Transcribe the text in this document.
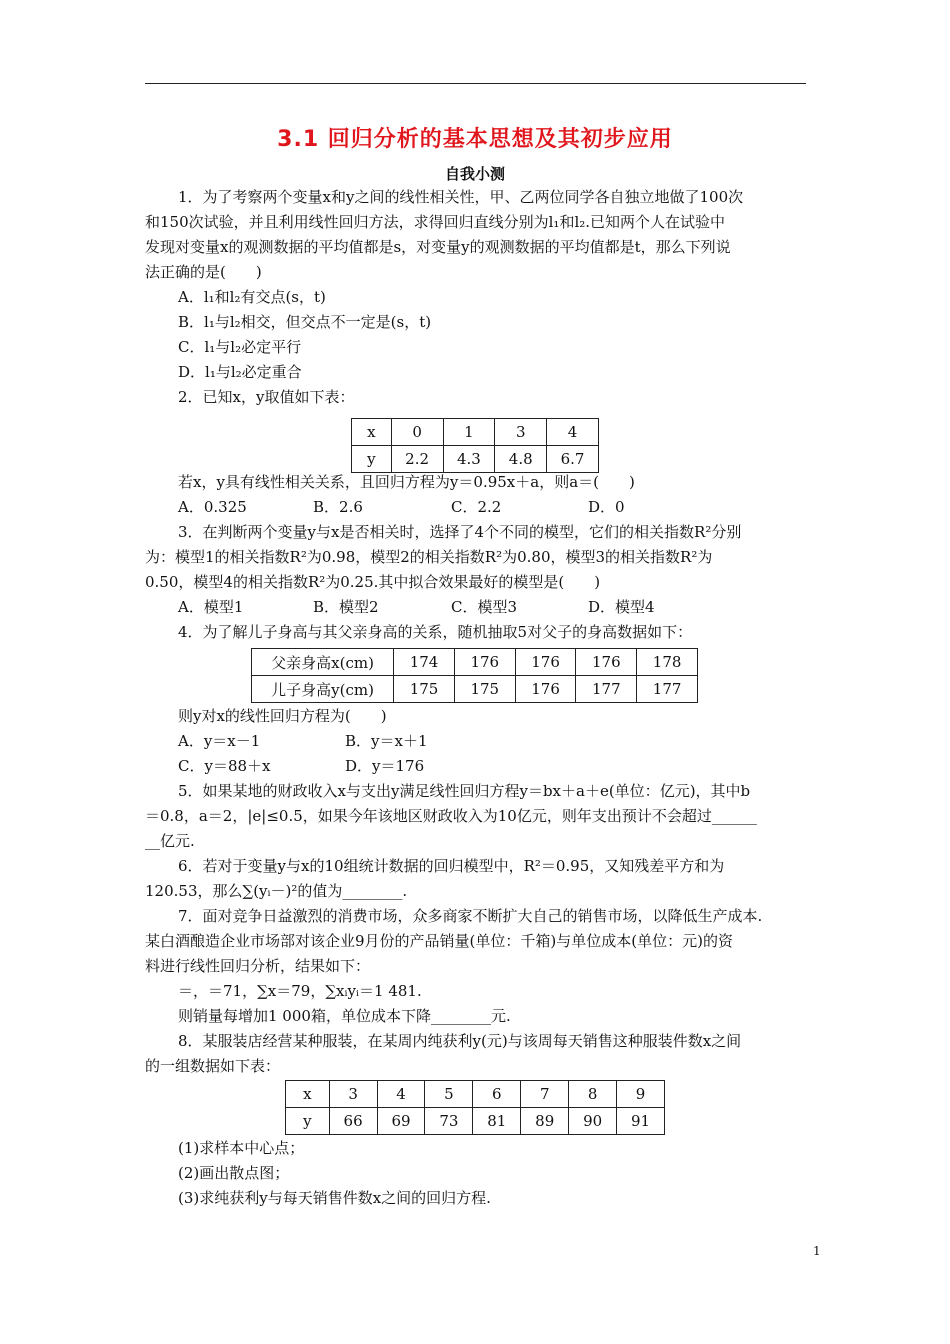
3.1 回归分析的基本思想及其初步应用
自我小测
1．为了考察两个变量x和y之间的线性相关性，甲、乙两位同学各自独立地做了100次
和150次试验，并且利用线性回归方法，求得回归直线分别为l₁和l₂.已知两个人在试验中
发现对变量x的观测数据的平均值都是s，对变量y的观测数据的平均值都是t，那么下列说
法正确的是(　　)
A．l₁和l₂有交点(s，t)
B．l₁与l₂相交，但交点不一定是(s，t)
C．l₁与l₂必定平行
D．l₁与l₂必定重合
2．已知x，y取值如下表：
x	0	1	3	4
y	2.2	4.3	4.8	6.7
若x，y具有线性相关关系，且回归方程为y＝0.95x＋a，则a＝(　　)
A．0.325	B．2.6	C．2.2	D．0
3．在判断两个变量y与x是否相关时，选择了4个不同的模型，它们的相关指数R²分别
为：模型1的相关指数R²为0.98，模型2的相关指数R²为0.80，模型3的相关指数R²为
0.50，模型4的相关指数R²为0.25.其中拟合效果最好的模型是(　　)
A．模型1	B．模型2	C．模型3	D．模型4
4．为了解儿子身高与其父亲身高的关系，随机抽取5对父子的身高数据如下：
父亲身高x(cm)	174	176	176	176	178
儿子身高y(cm)	175	175	176	177	177
则y对x的线性回归方程为(　　)
A．y＝x－1	B．y＝x＋1
C．y＝88＋x	D．y＝176
5．如果某地的财政收入x与支出y满足线性回归方程y＝bx＋a＋e(单位：亿元)，其中b
＝0.8，a＝2，|e|≤0.5，如果今年该地区财政收入为10亿元，则年支出预计不会超过______
__亿元.
6．若对于变量y与x的10组统计数据的回归模型中，R²＝0.95，又知残差平方和为
120.53，那么∑(yᵢ－)²的值为________.
7．面对竞争日益激烈的消费市场，众多商家不断扩大自己的销售市场，以降低生产成本.
某白酒酿造企业市场部对该企业9月份的产品销量(单位：千箱)与单位成本(单位：元)的资
料进行线性回归分析，结果如下：
＝，＝71，∑x＝79，∑xᵢyᵢ＝1 481.
则销量每增加1 000箱，单位成本下降________元.
8．某服装店经营某种服装，在某周内纯获利y(元)与该周每天销售这种服装件数x之间
的一组数据如下表：
x	3	4	5	6	7	8	9
y	66	69	73	81	89	90	91
(1)求样本中心点；
(2)画出散点图；
(3)求纯获利y与每天销售件数x之间的回归方程.
1
